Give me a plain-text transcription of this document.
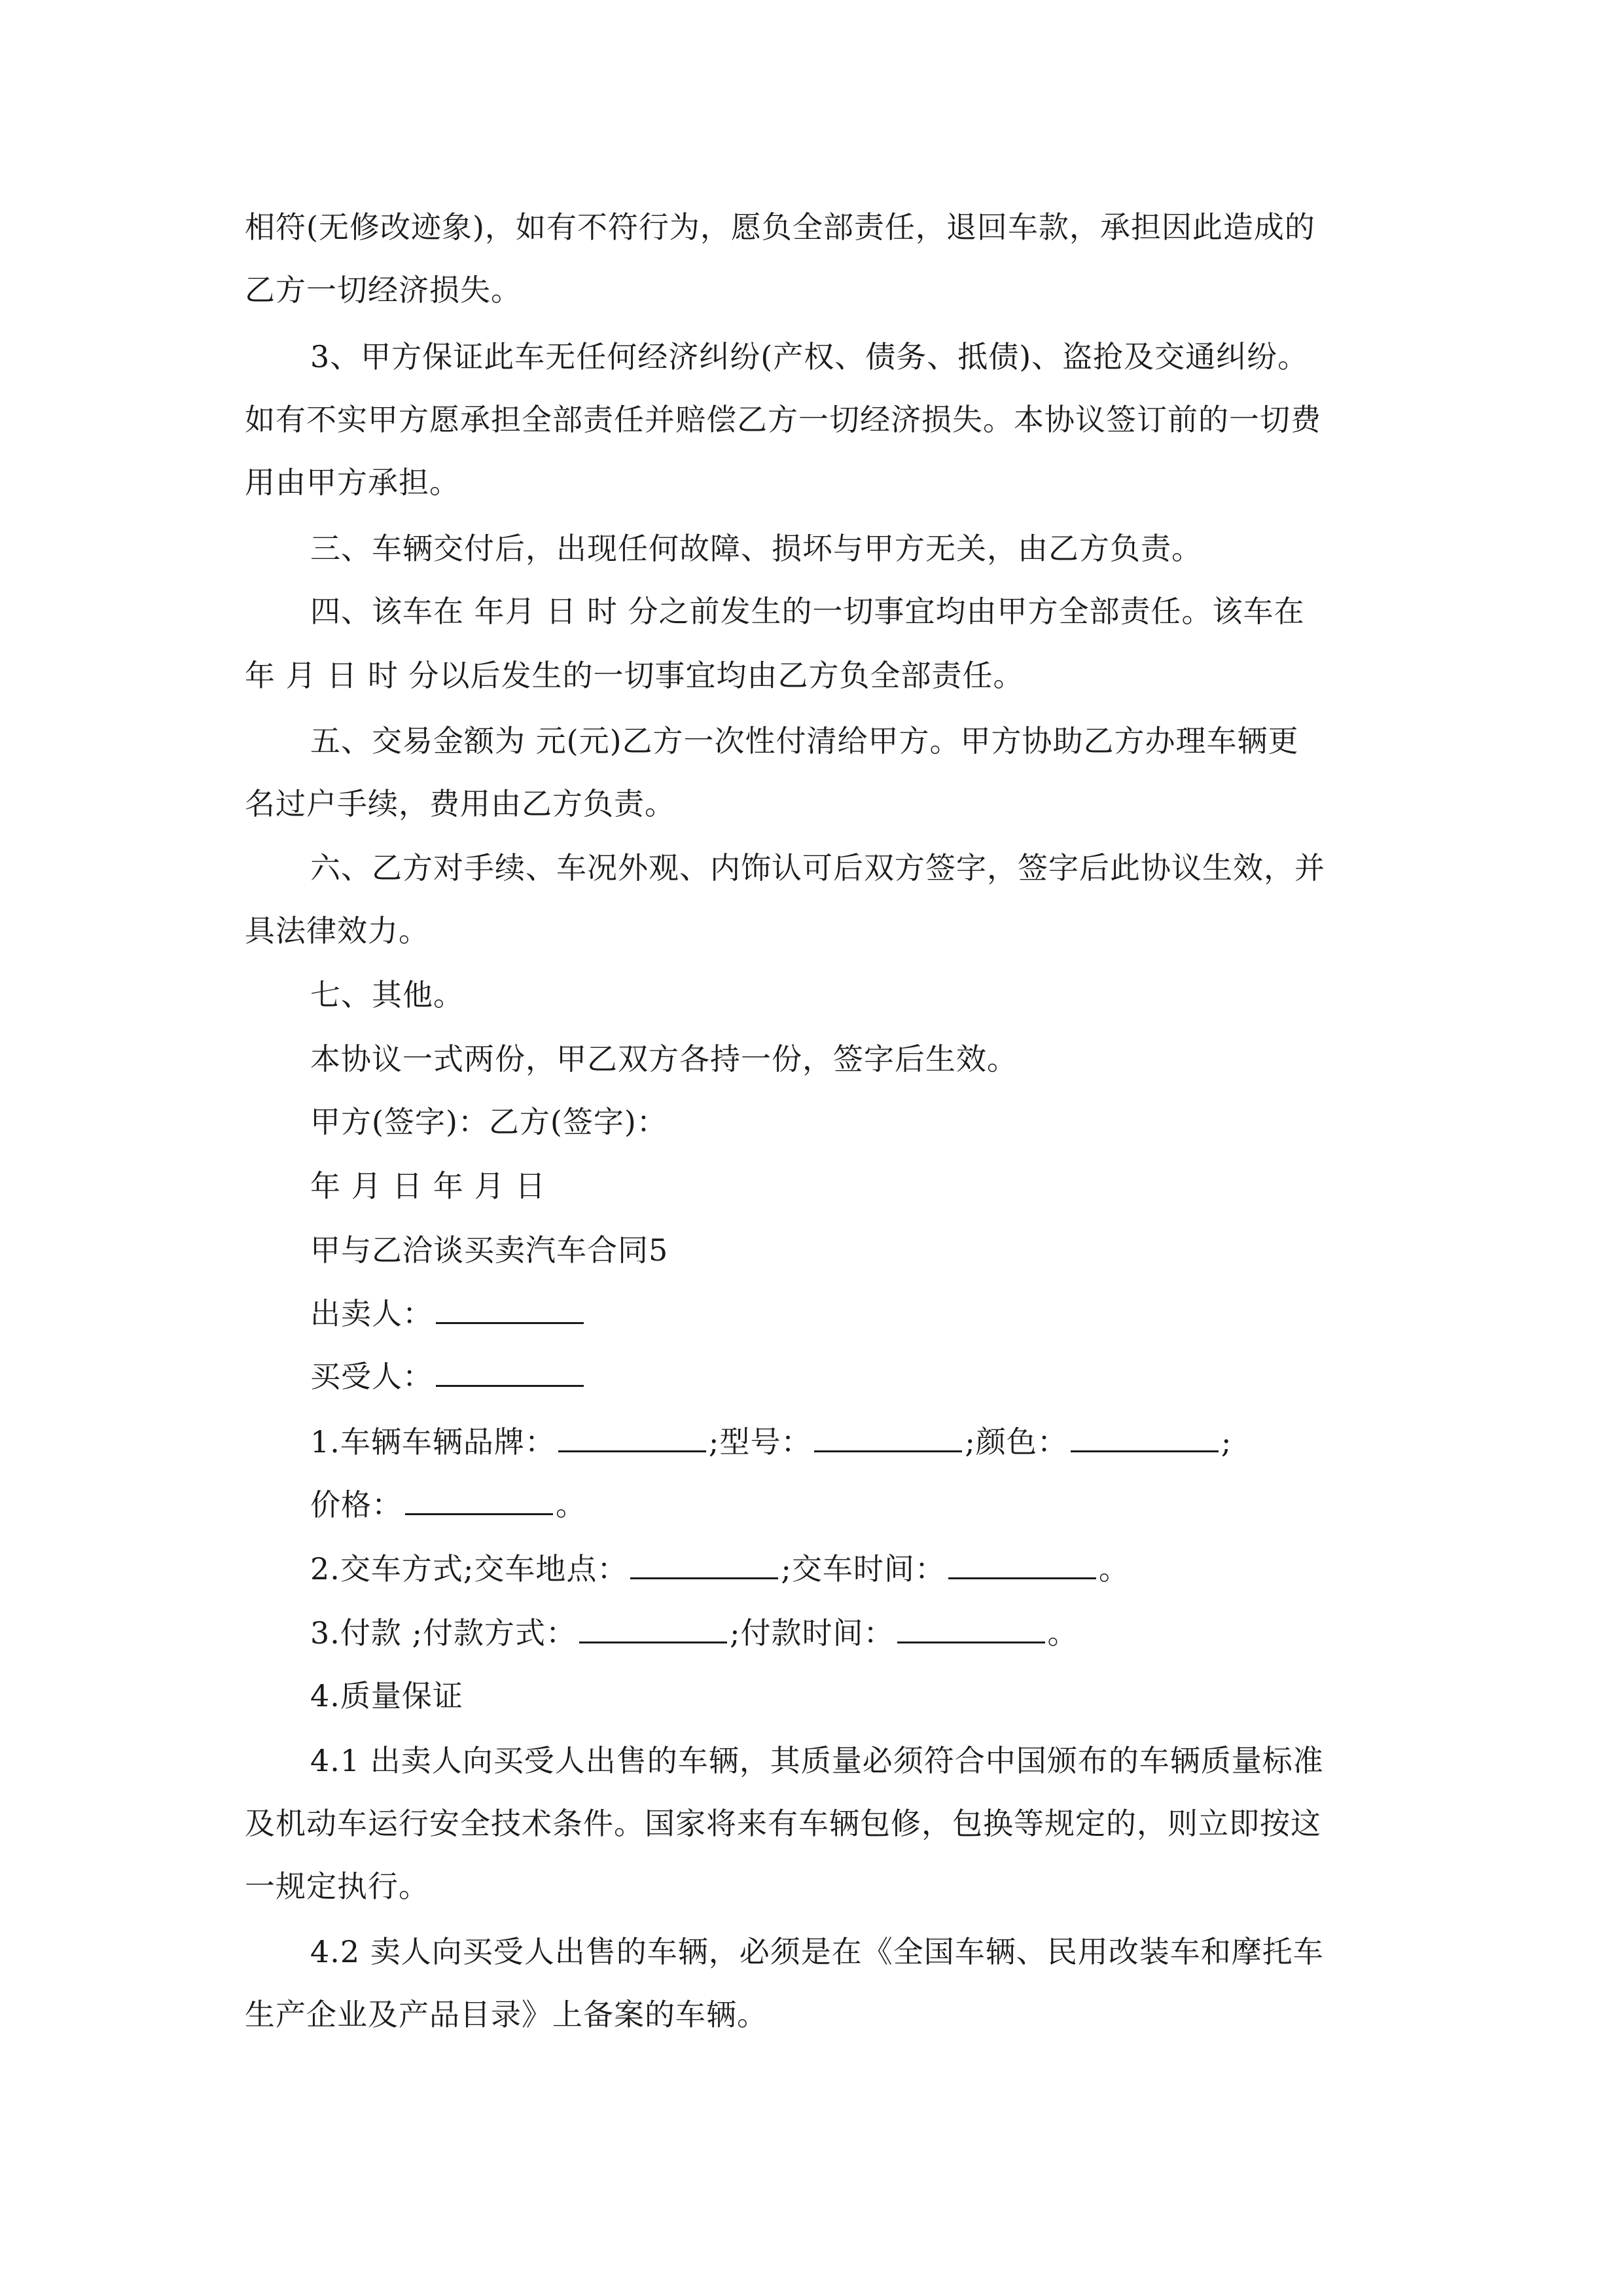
相符(无修改迹象)，如有不符行为，愿负全部责任，退回车款，承担因此造成的

乙方一切经济损失。

3、甲方保证此车无任何经济纠纷(产权、债务、抵债)、盗抢及交通纠纷。

如有不实甲方愿承担全部责任并赔偿乙方一切经济损失。本协议签订前的一切费

用由甲方承担。

三、车辆交付后，出现任何故障、损坏与甲方无关，由乙方负责。

四、该车在 年月 日 时 分之前发生的一切事宜均由甲方全部责任。该车在

年 月 日 时 分以后发生的一切事宜均由乙方负全部责任。

五、交易金额为 元(元)乙方一次性付清给甲方。甲方协助乙方办理车辆更

名过户手续，费用由乙方负责。

六、乙方对手续、车况外观、内饰认可后双方签字，签字后此协议生效，并

具法律效力。

七、其他。

本协议一式两份，甲乙双方各持一份，签字后生效。

甲方(签字)：乙方(签字)：

年 月 日 年 月 日

甲与乙洽谈买卖汽车合同5

出卖人：

买受人：

1.车辆车辆品牌：	;型号：	;颜色：	;

价格：	。

2.交车方式;交车地点：	;交车时间：	。

3.付款 ;付款方式：	;付款时间：	。

4.质量保证

4.1 出卖人向买受人出售的车辆，其质量必须符合中国颁布的车辆质量标准

及机动车运行安全技术条件。国家将来有车辆包修，包换等规定的，则立即按这

一规定执行。

4.2 卖人向买受人出售的车辆，必须是在《全国车辆、民用改装车和摩托车

生产企业及产品目录》上备案的车辆。
